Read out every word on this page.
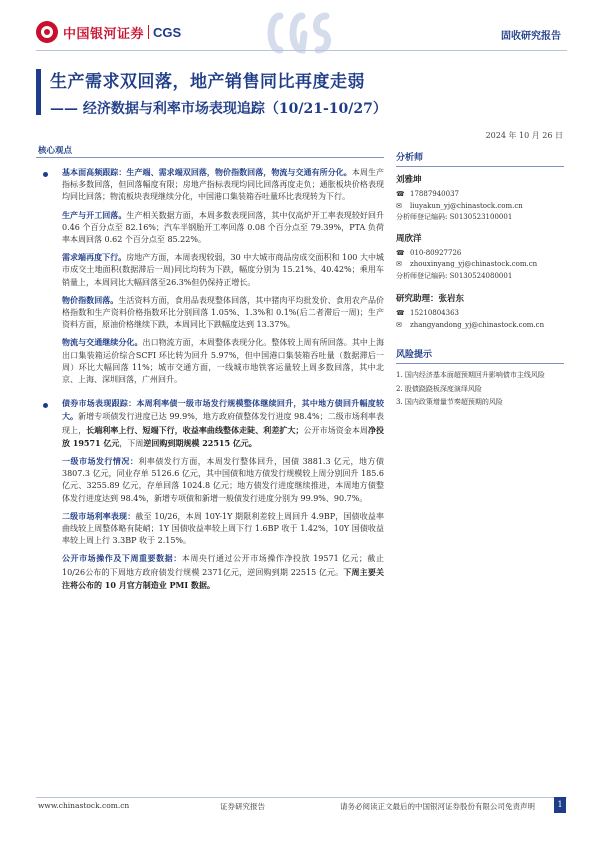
中国银河证券 CGS	固收研究报告
生产需求双回落，地产销售同比再度走弱
—— 经济数据与利率市场表现追踪（10/21-10/27）
2024 年 10 月 26 日
核心观点

基本面高频跟踪：生产端、需求端双回落，物价指数回落，物流与交通有所分化。本周生产指标多数回落，但回落幅度有限；房地产指标表现均同比回落再度走负；通胀板块价格表现均同比回落；物流板块表现继续分化，中国港口集装箱吞吐量环比表现转为下行。

生产与开工回落。生产相关数据方面，本周多数表现回落，其中仅高炉开工率表现较好回升 0.46 个百分点至 82.16%；汽车半钢胎开工率回落 0.08 个百分点至 79.39%，PTA 负荷率本周回落 0.62 个百分点至 85.22%。

需求端再度下行。房地产方面，本周表现较弱，30 中大城市商品房成交面积和 100 大中城市成交土地面积(数据滞后一周)同比均转为下跌，幅度分别为 15.21%、40.42%；乘用车销量上，本周同比大幅回落至26.3%但仍保持正增长。

物价指数回落。生活资料方面，食用品表现整体回落，其中猪肉平均批发价、食用农产品价格指数和生产资料价格指数环比分别回落 1.05%、1.3%和 0.1%(后二者滞后一周)；生产资料方面，原油价格继续下跌，本周同比下跌幅度达到 13.37%。

物流与交通继续分化。出口物流方面，本周整体表现分化。整体较上周有所回落。其中上海出口集装箱运价综合SCFI 环比转为回升 5.97%，但中国港口集装箱吞吐量（数据滞后一周）环比大幅回落 11%；城市交通方面，一线城市地铁客运量较上周多数回落，其中北京、上海、深圳回落，广州回升。

债券市场表现跟踪：本周利率债一级市场发行规模整体继续回升，其中地方债回升幅度较大。新增专项债发行进度已达 99.9%，地方政府债整体发行进度 98.4%；二级市场利率表现上，长端利率上行、短端下行，收益率曲线整体走陡、利差扩大；公开市场资金本周净投放 19571 亿元，下周逆回购到期规模 22515 亿元。

一级市场发行情况：利率债发行方面，本周发行整体回升，国债 3881.3 亿元，地方债 3807.3 亿元，同业存单 5126.6 亿元，其中国债和地方债发行规模较上周分别回升 185.6 亿元、3255.89 亿元，存单回落 1024.8 亿元；地方债发行进度继续推进，本周地方债整体发行进度达到 98.4%，新增专项债和新增一般债发行进度分别为 99.9%、90.7%。

二级市场利率表现：截至 10/26，本周 10Y-1Y 期限利差较上周回升 4.9BP，国债收益率曲线较上周整体略有陡峭；1Y 国债收益率较上周下行 1.6BP 收于 1.42%，10Y 国债收益率较上周上行 3.3BP 收于 2.15%。

公开市场操作及下周重要数据：本周央行通过公开市场操作净投放 19571 亿元；截止 10/26公布的下周地方政府债发行规模 2371亿元，逆回购到期 22515 亿元。下周主要关注将公布的 10 月官方制造业 PMI 数据。

分析师
刘雅坤
☎ 17887940037
✉	liuyakun_yj@chinastock.com.cn
分析师登记编码: S0130523100001
周欣洋
☎ 010-80927726
✉	zhouxinyang_yj@chinastock.com.cn
分析师登记编码: S0130524080001
研究助理：张岩东
☎ 15210804363
✉	zhangyandong_yj@chinastock.com.cn
风险提示
1. 国内经济基本面超预期回升影响债市主线风险
2. 股债跷跷板深度演绎风险
3. 国内政策增量节奏超预期的风险
www.chinastock.com.cn	证券研究报告	请务必阅读正文最后的中国银河证券股份有限公司免责声明	1
